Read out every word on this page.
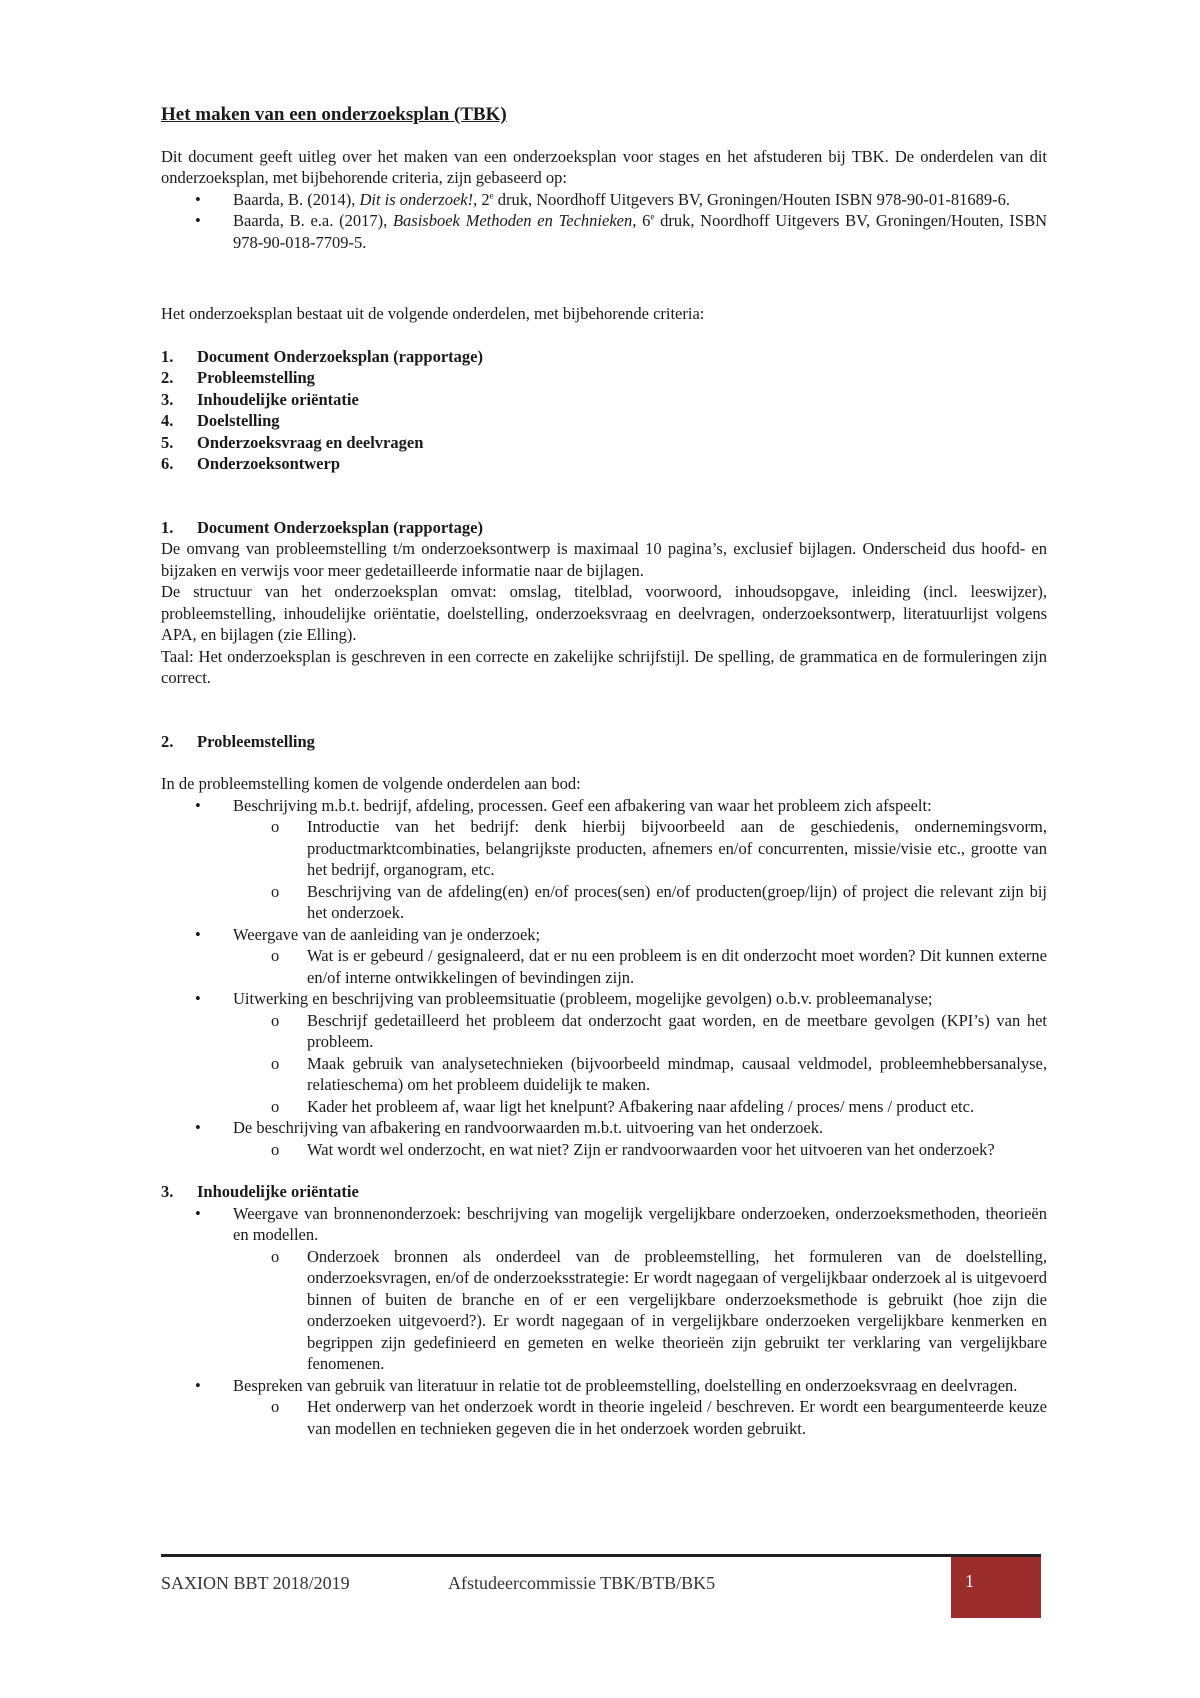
Het maken van een onderzoeksplan (TBK)

Dit document geeft uitleg over het maken van een onderzoeksplan voor stages en het afstuderen bij TBK. De onderdelen van dit onderzoeksplan, met bijbehorende criteria, zijn gebaseerd op:

• Baarda, B. (2014), Dit is onderzoek!, 2e druk, Noordhoff Uitgevers BV, Groningen/Houten ISBN 978-90-01-81689-6.
• Baarda, B. e.a. (2017), Basisboek Methoden en Technieken, 6e druk, Noordhoff Uitgevers BV, Groningen/Houten, ISBN 978-90-018-7709-5.

Het onderzoeksplan bestaat uit de volgende onderdelen, met bijbehorende criteria:

1. Document Onderzoeksplan (rapportage)
2. Probleemstelling
3. Inhoudelijke oriëntatie
4. Doelstelling
5. Onderzoeksvraag en deelvragen
6. Onderzoeksontwerp
1. Document Onderzoeksplan (rapportage)

De omvang van probleemstelling t/m onderzoeksontwerp is maximaal 10 pagina’s, exclusief bijlagen. Onderscheid dus hoofd- en bijzaken en verwijs voor meer gedetailleerde informatie naar de bijlagen.

De structuur van het onderzoeksplan omvat: omslag, titelblad, voorwoord, inhoudsopgave, inleiding (incl. leeswijzer), probleemstelling, inhoudelijke oriëntatie, doelstelling, onderzoeksvraag en deelvragen, onderzoeksontwerp, literatuurlijst volgens APA, en bijlagen (zie Elling).

Taal: Het onderzoeksplan is geschreven in een correcte en zakelijke schrijfstijl. De spelling, de grammatica en de formuleringen zijn correct.

2. Probleemstelling

In de probleemstelling komen de volgende onderdelen aan bod:

• Beschrijving m.b.t. bedrijf, afdeling, processen. Geef een afbakering van waar het probleem zich afspeelt:
o Introductie van het bedrijf: denk hierbij bijvoorbeeld aan de geschiedenis, ondernemingsvorm, productmarktcombinaties, belangrijkste producten, afnemers en/of concurrenten, missie/visie etc., grootte van het bedrijf, organogram, etc.
o Beschrijving van de afdeling(en) en/of proces(sen) en/of producten(groep/lijn) of project die relevant zijn bij het onderzoek.
• Weergave van de aanleiding van je onderzoek;
o Wat is er gebeurd / gesignaleerd, dat er nu een probleem is en dit onderzocht moet worden? Dit kunnen externe en/of interne ontwikkelingen of bevindingen zijn.
• Uitwerking en beschrijving van probleemsituatie (probleem, mogelijke gevolgen) o.b.v. probleemanalyse;
o Beschrijf gedetailleerd het probleem dat onderzocht gaat worden, en de meetbare gevolgen (KPI’s) van het probleem.
o Maak gebruik van analysetechnieken (bijvoorbeeld mindmap, causaal veldmodel, probleemhebbersanalyse, relatieschema) om het probleem duidelijk te maken.
o Kader het probleem af, waar ligt het knelpunt? Afbakering naar afdeling / proces/ mens / product etc.
• De beschrijving van afbakering en randvoorwaarden m.b.t. uitvoering van het onderzoek.
o Wat wordt wel onderzocht, en wat niet? Zijn er randvoorwaarden voor het uitvoeren van het onderzoek?
3. Inhoudelijke oriëntatie
• Weergave van bronnenonderzoek: beschrijving van mogelijk vergelijkbare onderzoeken, onderzoeksmethoden, theorieën en modellen.
o Onderzoek bronnen als onderdeel van de probleemstelling, het formuleren van de doelstelling, onderzoeksvragen, en/of de onderzoeksstrategie: Er wordt nagegaan of vergelijkbaar onderzoek al is uitgevoerd binnen of buiten de branche en of er een vergelijkbare onderzoeksmethode is gebruikt (hoe zijn die onderzoeken uitgevoerd?). Er wordt nagegaan of in vergelijkbare onderzoeken vergelijkbare kenmerken en begrippen zijn gedefinieerd en gemeten en welke theorieën zijn gebruikt ter verklaring van vergelijkbare fenomenen.
• Bespreken van gebruik van literatuur in relatie tot de probleemstelling, doelstelling en onderzoeksvraag en deelvragen.
o Het onderwerp van het onderzoek wordt in theorie ingeleid / beschreven. Er wordt een beargumenteerde keuze van modellen en technieken gegeven die in het onderzoek worden gebruikt.
SAXION BBT 2018/2019	Afstudeercommissie TBK/BTB/BK5	1
